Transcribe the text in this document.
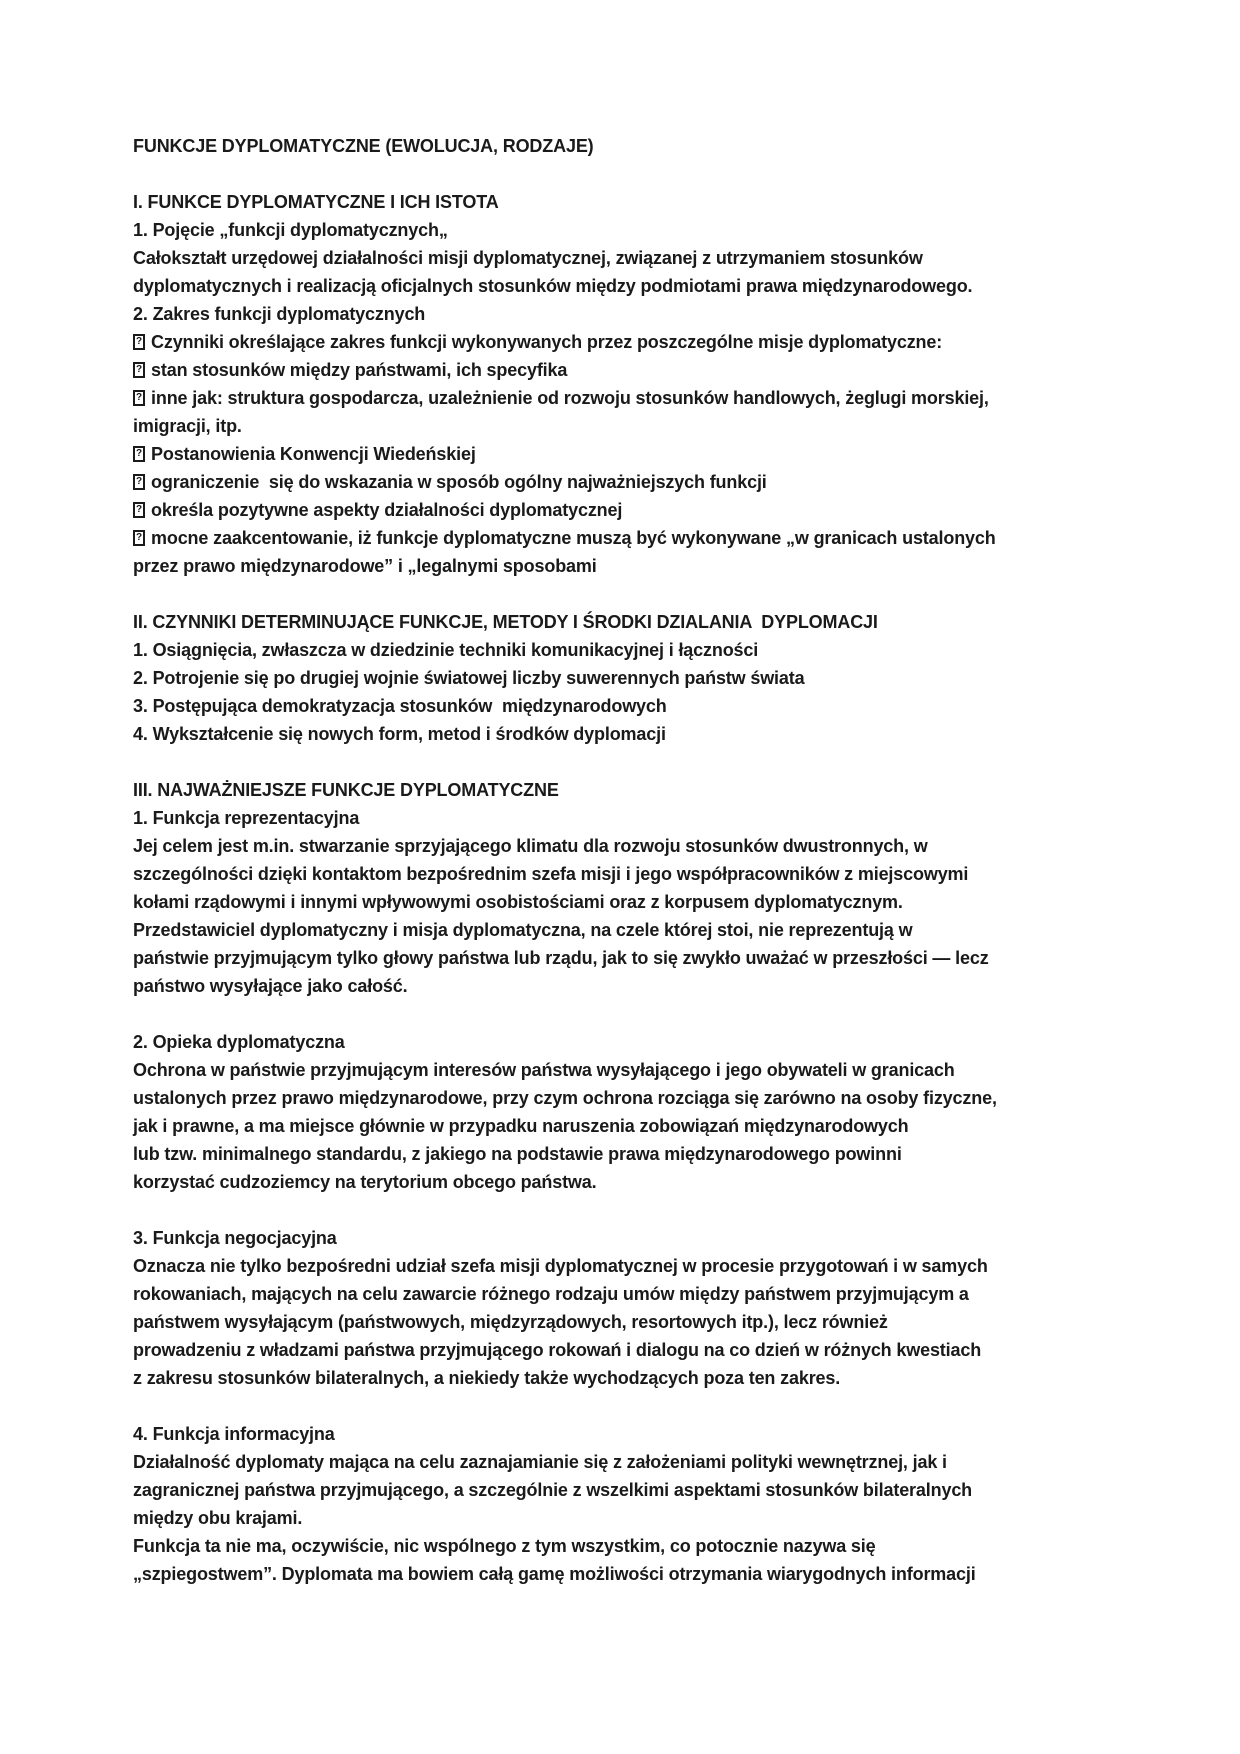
FUNKCJE DYPLOMATYCZNE (EWOLUCJA, RODZAJE)
I. FUNKCE DYPLOMATYCZNE I ICH ISTOTA
1. Pojęcie „funkcji dyplomatycznych„
Całokształt urzędowej działalności misji dyplomatycznej, związanej z utrzymaniem stosunków
dyplomatycznych i realizacją oficjalnych stosunków między podmiotami prawa międzynarodowego.
2. Zakres funkcji dyplomatycznych
? Czynniki określające zakres funkcji wykonywanych przez poszczególne misje dyplomatyczne:
? stan stosunków między państwami, ich specyfika
? inne jak: struktura gospodarcza, uzależnienie od rozwoju stosunków handlowych, żeglugi morskiej,
imigracji, itp.
? Postanowienia Konwencji Wiedeńskiej
? ograniczenie  się do wskazania w sposób ogólny najważniejszych funkcji
? określa pozytywne aspekty działalności dyplomatycznej
? mocne zaakcentowanie, iż funkcje dyplomatyczne muszą być wykonywane „w granicach ustalonych
przez prawo międzynarodowe” i „legalnymi sposobami
II. CZYNNIKI DETERMINUJĄCE FUNKCJE, METODY I ŚRODKI DZIALANIA  DYPLOMACJI
1. Osiągnięcia, zwłaszcza w dziedzinie techniki komunikacyjnej i łączności
2. Potrojenie się po drugiej wojnie światowej liczby suwerennych państw świata
3. Postępująca demokratyzacja stosunków  międzynarodowych
4. Wykształcenie się nowych form, metod i środków dyplomacji
III. NAJWAŻNIEJSZE FUNKCJE DYPLOMATYCZNE
1. Funkcja reprezentacyjna
Jej celem jest m.in. stwarzanie sprzyjającego klimatu dla rozwoju stosunków dwustronnych, w
szczególności dzięki kontaktom bezpośrednim szefa misji i jego współpracowników z miejscowymi
kołami rządowymi i innymi wpływowymi osobistościami oraz z korpusem dyplomatycznym.
Przedstawiciel dyplomatyczny i misja dyplomatyczna, na czele której stoi, nie reprezentują w
państwie przyjmującym tylko głowy państwa lub rządu, jak to się zwykło uważać w przeszłości — lecz
państwo wysyłające jako całość.
2. Opieka dyplomatyczna
Ochrona w państwie przyjmującym interesów państwa wysyłającego i jego obywateli w granicach
ustalonych przez prawo międzynarodowe, przy czym ochrona rozciąga się zarówno na osoby fizyczne,
jak i prawne, a ma miejsce głównie w przypadku naruszenia zobowiązań międzynarodowych
lub tzw. minimalnego standardu, z jakiego na podstawie prawa międzynarodowego powinni
korzystać cudzoziemcy na terytorium obcego państwa.
3. Funkcja negocjacyjna
Oznacza nie tylko bezpośredni udział szefa misji dyplomatycznej w procesie przygotowań i w samych
rokowaniach, mających na celu zawarcie różnego rodzaju umów między państwem przyjmującym a
państwem wysyłającym (państwowych, międzyrządowych, resortowych itp.), lecz również
prowadzeniu z władzami państwa przyjmującego rokowań i dialogu na co dzień w różnych kwestiach
z zakresu stosunków bilateralnych, a niekiedy także wychodzących poza ten zakres.
4. Funkcja informacyjna
Działalność dyplomaty mająca na celu zaznajamianie się z założeniami polityki wewnętrznej, jak i
zagranicznej państwa przyjmującego, a szczególnie z wszelkimi aspektami stosunków bilateralnych
między obu krajami.
Funkcja ta nie ma, oczywiście, nic wspólnego z tym wszystkim, co potocznie nazywa się
„szpiegostwem”. Dyplomata ma bowiem całą gamę możliwości otrzymania wiarygodnych informacji
